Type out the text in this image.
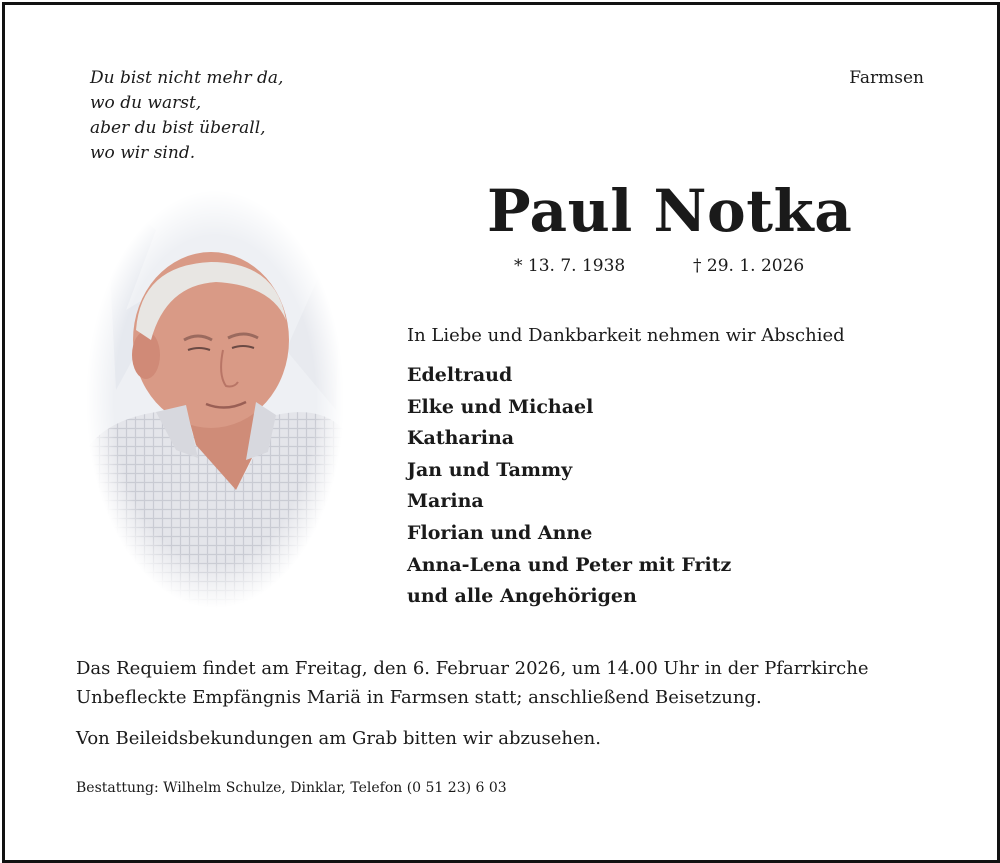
Du bist nicht mehr da,
wo du warst,
aber du bist überall,
wo wir sind.
Farmsen
Paul Notka
* 13. 7. 1938	† 29. 1. 2026
In Liebe und Dankbarkeit nehmen wir Abschied
Edeltraud
Elke und Michael
Katharina
Jan und Tammy
Marina
Florian und Anne
Anna-Lena und Peter mit Fritz
und alle Angehörigen
Das Requiem findet am Freitag, den 6. Februar 2026, um 14.00 Uhr in der Pfarrkirche
Unbefleckte Empfängnis Mariä in Farmsen statt; anschließend Beisetzung.
Von Beileidsbekundungen am Grab bitten wir abzusehen.
Bestattung: Wilhelm Schulze, Dinklar, Telefon (0 51 23) 6 03
